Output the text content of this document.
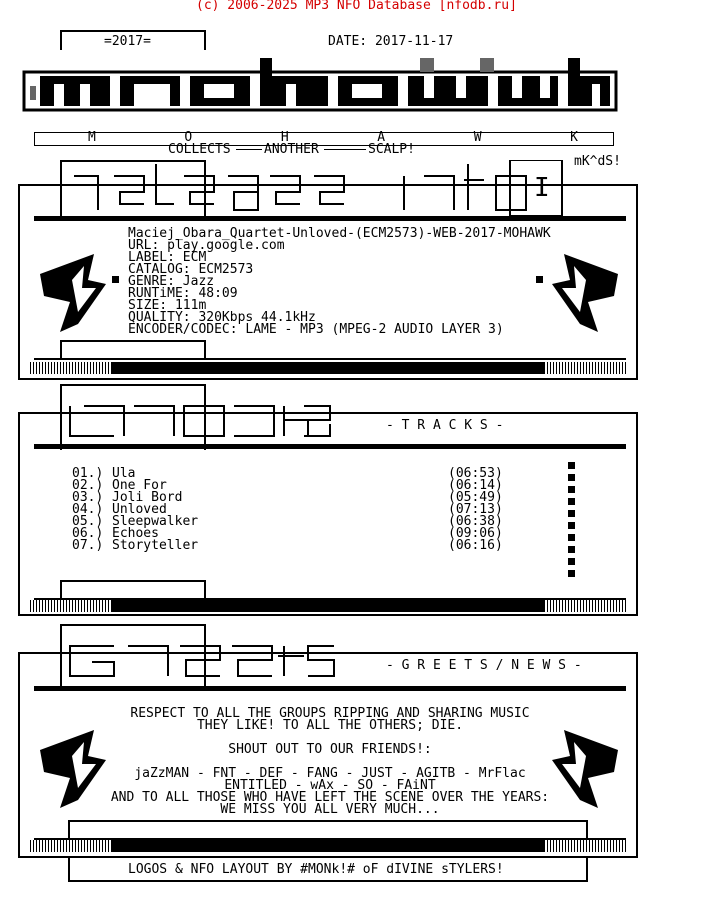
(c) 2006-2025 MP3 NFO Database [nfodb.ru]
=2017=	DATE: 2017-11-17
M	O	H	A	W	K
COLLECTS	ANOTHER	SCALP!
mK^dS!
I
Maciej_Obara_Quartet-Unloved-(ECM2573)-WEB-2017-MOHAWK
URL: play.google.com
LABEL: ECM
CATALOG: ECM2573
GENRE: Jazz
RUNTiME: 48:09
SIZE: 111m
QUALITY: 320Kbps 44.1kHz
ENCODER/CODEC: LAME - MP3 (MPEG-2 AUDIO LAYER 3)
- T R A C K S -
01.) Ula	(06:53)
02.) One For	(06:14)
03.) Joli Bord	(05:49)
04.) Unloved	(07:13)
05.) Sleepwalker	(06:38)
06.) Echoes	(09:06)
07.) Storyteller	(06:16)
- G R E E T S / N E W S -
RESPECT TO ALL THE GROUPS RIPPING AND SHARING MUSIC
THEY LIKE! TO ALL THE OTHERS; DIE.
SHOUT OUT TO OUR FRIENDS!:
jaZzMAN - FNT - DEF - FANG - JUST - AGITB - MrFlac
ENTITLED - wAx - SO - FAiNT
AND TO ALL THOSE WHO HAVE LEFT THE SCENE OVER THE YEARS:
WE MISS YOU ALL VERY MUCH...
LOGOS & NFO LAYOUT BY #MONk!# oF dIVINE sTYLERS!
